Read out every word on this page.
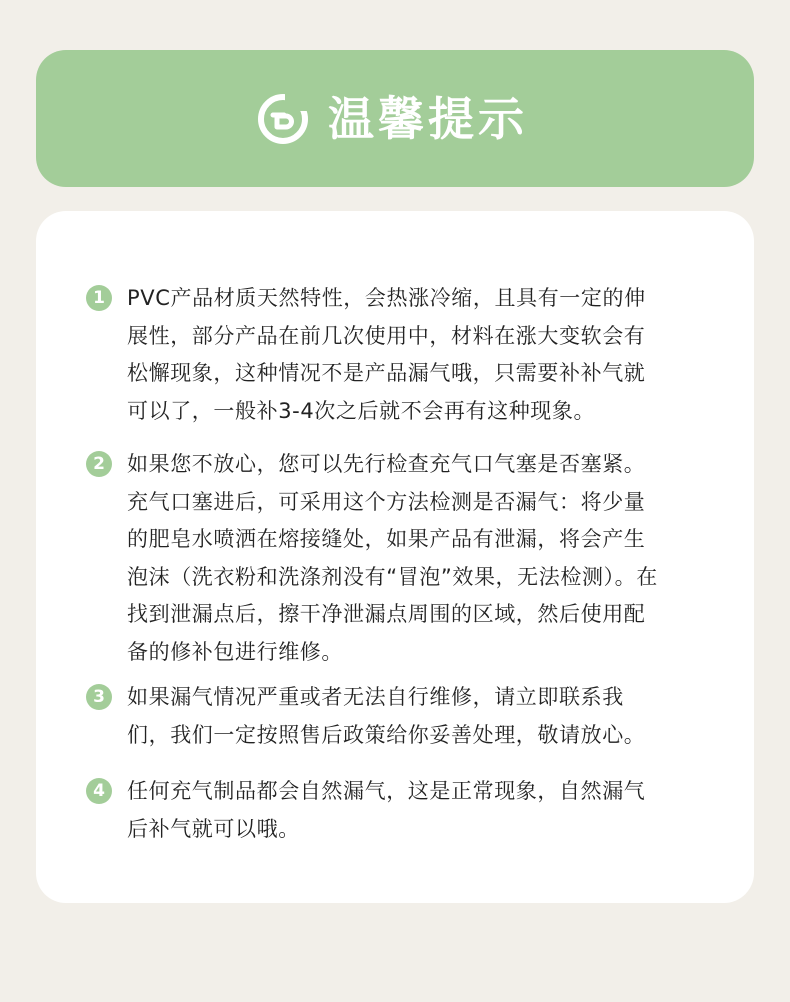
温馨提示
1	PVC产品材质天然特性，会热涨冷缩，且具有一定的伸
展性，部分产品在前几次使用中，材料在涨大变软会有
松懈现象，这种情况不是产品漏气哦，只需要补补气就
可以了，一般补3-4次之后就不会再有这种现象。
2	如果您不放心，您可以先行检查充气口气塞是否塞紧。
充气口塞进后，可采用这个方法检测是否漏气：将少量
的肥皂水喷洒在熔接缝处，如果产品有泄漏，将会产生
泡沫（洗衣粉和洗涤剂没有“冒泡”效果，无法检测）。在
找到泄漏点后，擦干净泄漏点周围的区域，然后使用配
备的修补包进行维修。
3	如果漏气情况严重或者无法自行维修，请立即联系我
们，我们一定按照售后政策给你妥善处理，敬请放心。
4	任何充气制品都会自然漏气，这是正常现象，自然漏气
后补气就可以哦。
